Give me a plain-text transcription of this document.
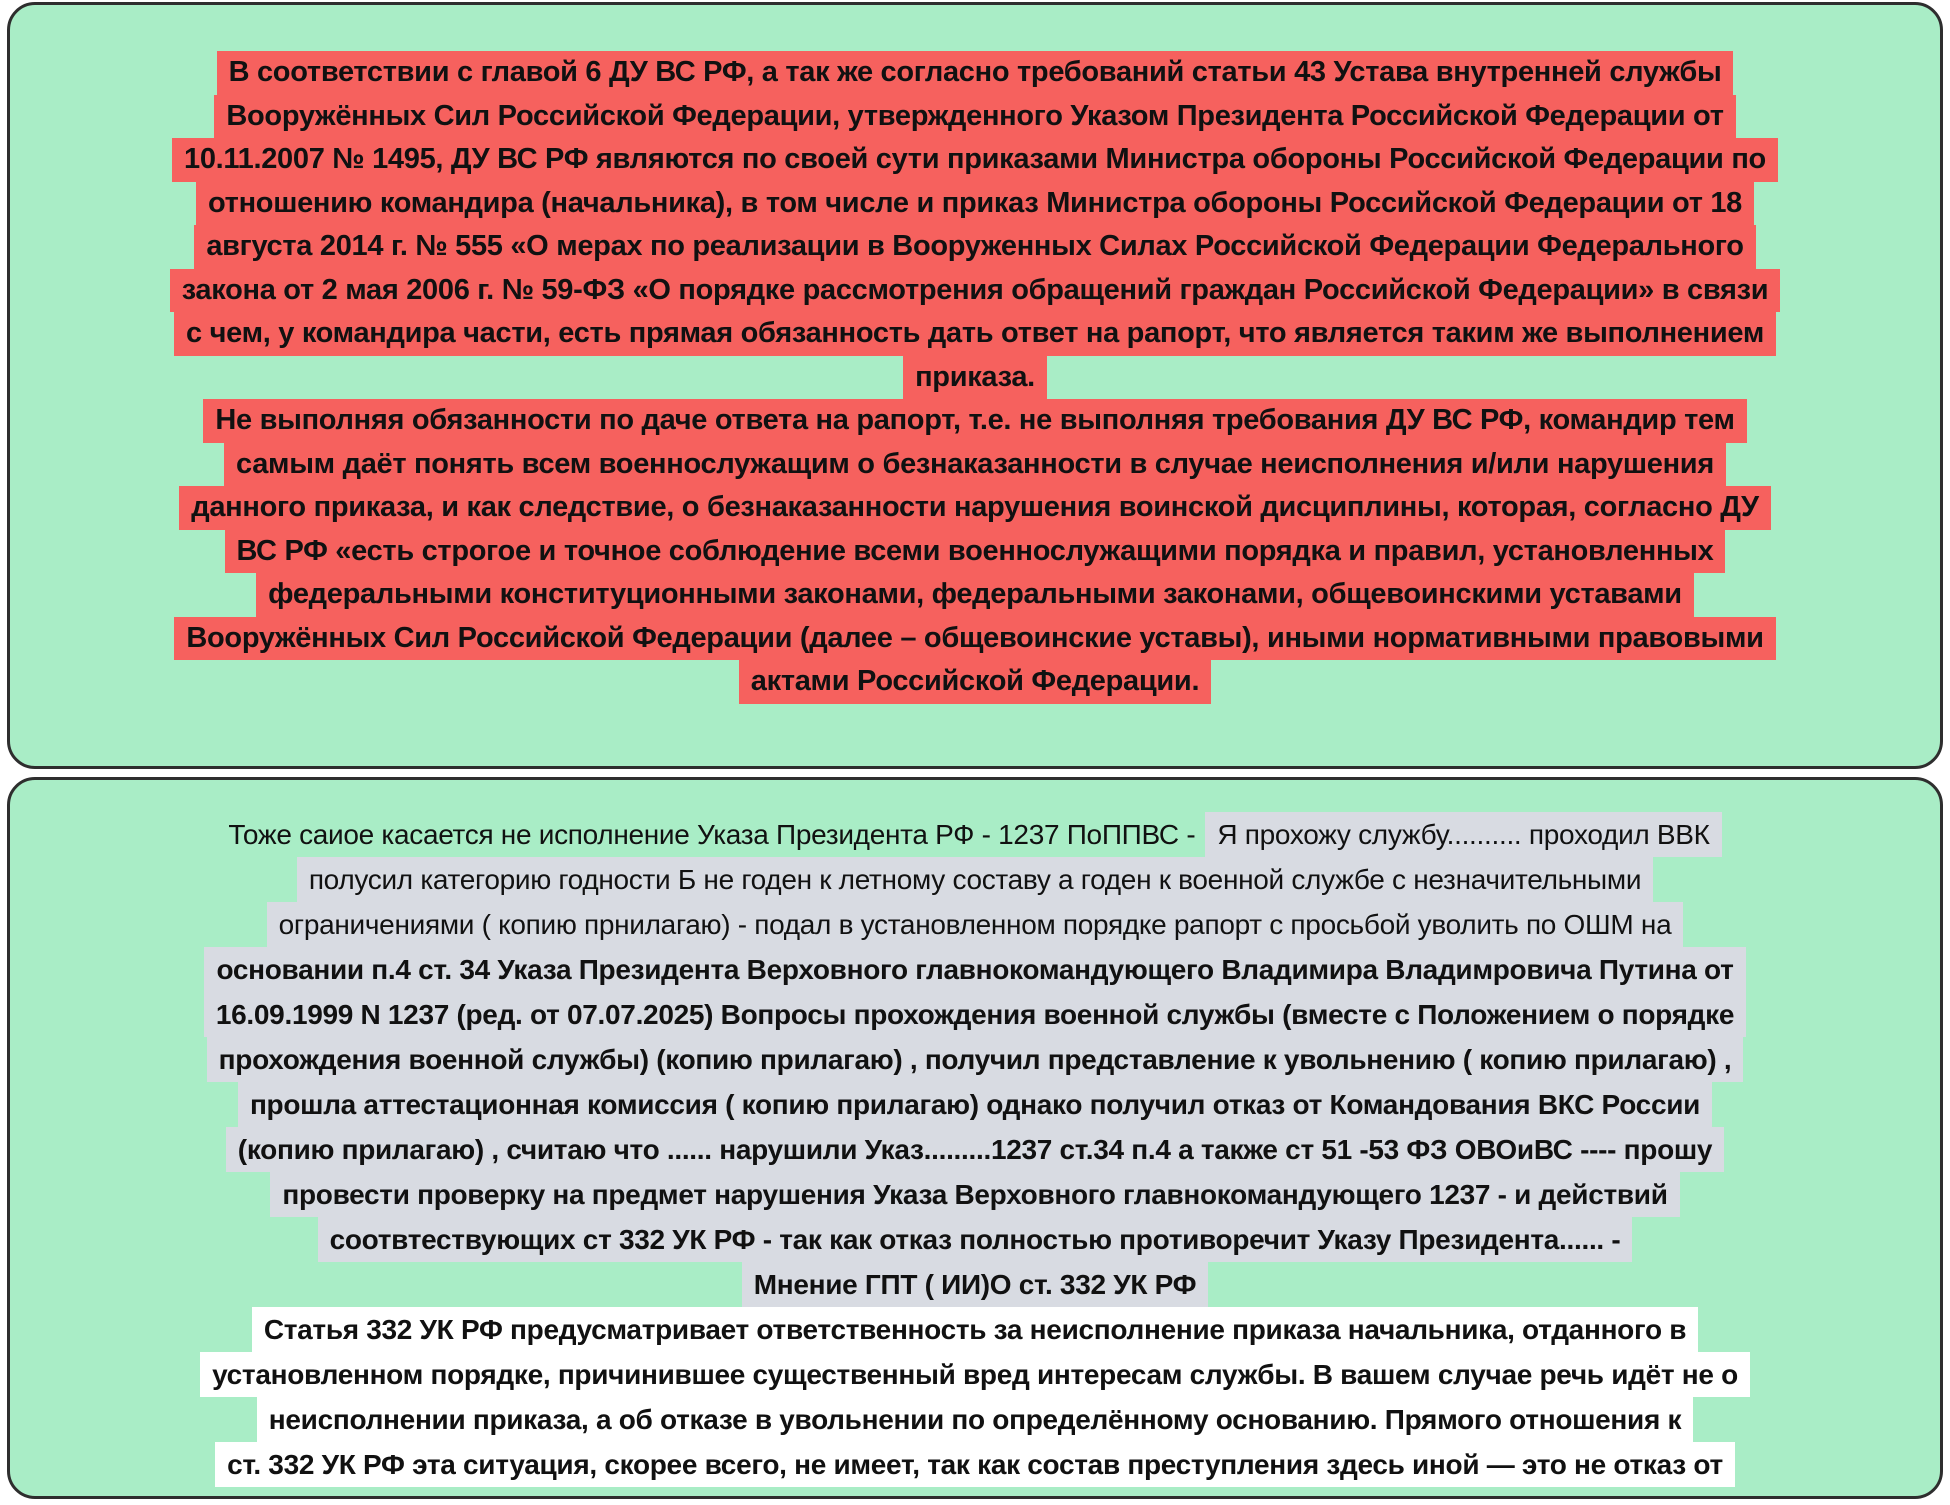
В соответствии с главой 6 ДУ ВС РФ, а так же согласно требований статьи 43 Устава внутренней службы
Вооружённых Сил Российской Федерации, утвержденного Указом Президента Российской Федерации от
10.11.2007 № 1495, ДУ ВС РФ являются по своей сути приказами Министра обороны Российской Федерации по
отношению командира (начальника), в том числе и приказ Министра обороны Российской Федерации от 18
августа 2014 г. № 555 «О мерах по реализации в Вооруженных Силах Российской Федерации Федерального
закона от 2 мая 2006 г. № 59-ФЗ «О порядке рассмотрения обращений граждан Российской Федерации» в связи
с чем, у командира части, есть прямая обязанность дать ответ на рапорт, что является таким же выполнением
приказа.
Не выполняя обязанности по даче ответа на рапорт, т.е. не выполняя требования ДУ ВС РФ, командир тем
самым даёт понять всем военнослужащим о безнаказанности в случае неисполнения и/или нарушения
данного приказа, и как следствие, о безнаказанности нарушения воинской дисциплины, которая, согласно ДУ
ВС РФ «есть строгое и точное соблюдение всеми военнослужащими порядка и правил, установленных
федеральными конституционными законами, федеральными законами, общевоинскими уставами
Вооружённых Сил Российской Федерации (далее – общевоинские уставы), иными нормативными правовыми
актами Российской Федерации.
Тоже саиое касается не исполнение Указа Президента РФ - 1237 ПоППВС - Я прохожу службу.......... проходил ВВК
полусил категорию годности Б не годен к летному составу а годен к военной службе с незначительными
ограничениями ( копию прнилагаю) - подал в установленном порядке рапорт с просьбой уволить по ОШМ на
основании п.4 ст. 34 Указа Президента Верховного главнокомандующего Владимира Владимровича Путина от
16.09.1999 N 1237 (ред. от 07.07.2025) Вопросы прохождения военной службы (вместе с Положением о порядке
прохождения военной службы) (копию прилагаю) , получил представление к увольнению ( копию прилагаю) ,
прошла аттестационная комиссия ( копию прилагаю) однако получил отказ от Командования ВКС России
(копию прилагаю) , считаю что ...... нарушили Указ.........1237 ст.34 п.4 а также ст 51 -53 ФЗ ОВОиВС ---- прошу
провести проверку на предмет нарушения Указа Верховного главнокомандующего 1237 - и действий
соотвтествующих ст 332 УК РФ - так как отказ полностью противоречит Указу Президента...... -
Мнение ГПТ ( ИИ)О ст. 332 УК РФ
Статья 332 УК РФ предусматривает ответственность за неисполнение приказа начальника, отданного в
установленном порядке, причинившее существенный вред интересам службы. В вашем случае речь идёт не о
неисполнении приказа, а об отказе в увольнении по определённому основанию. Прямого отношения к
ст. 332 УК РФ эта ситуация, скорее всего, не имеет, так как состав преступления здесь иной — это не отказ от
